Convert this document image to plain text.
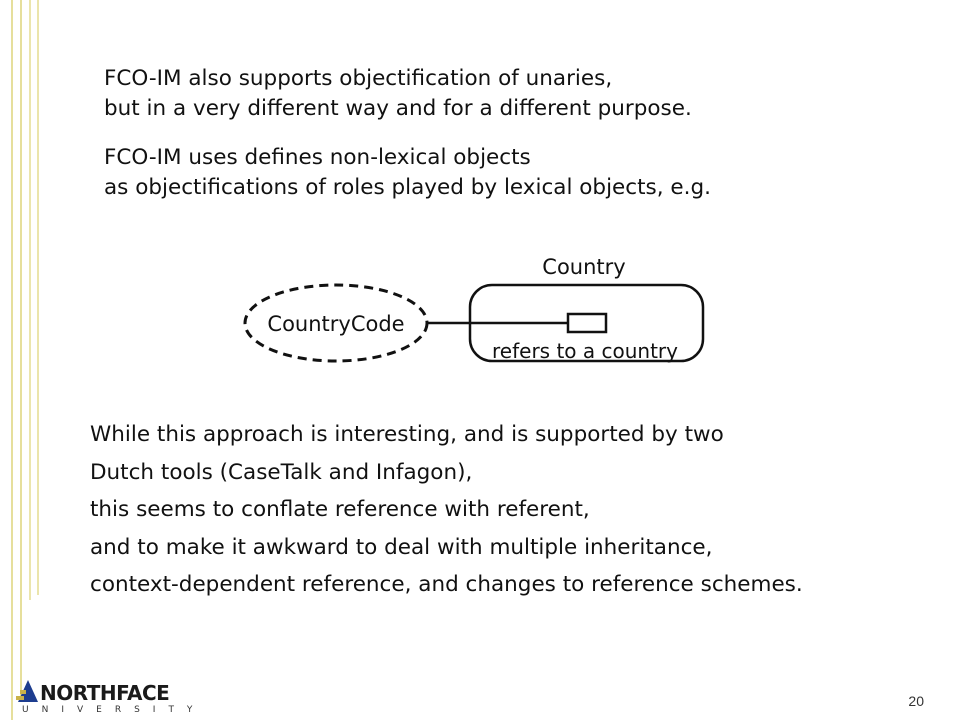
FCO-IM also supports objectification of unaries,
but in a very different way and for a different purpose.

FCO-IM uses defines non-lexical objects
as objectifications of roles played by lexical objects, e.g.

CountryCode
Country
refers to a country
While this approach is interesting, and is supported by two
Dutch tools (CaseTalk and Infagon),
this seems to conflate reference with referent,
and to make it awkward to deal with multiple inheritance,
context-dependent reference, and changes to reference schemes.
NORTHFACE
UNIVERSITY
20
